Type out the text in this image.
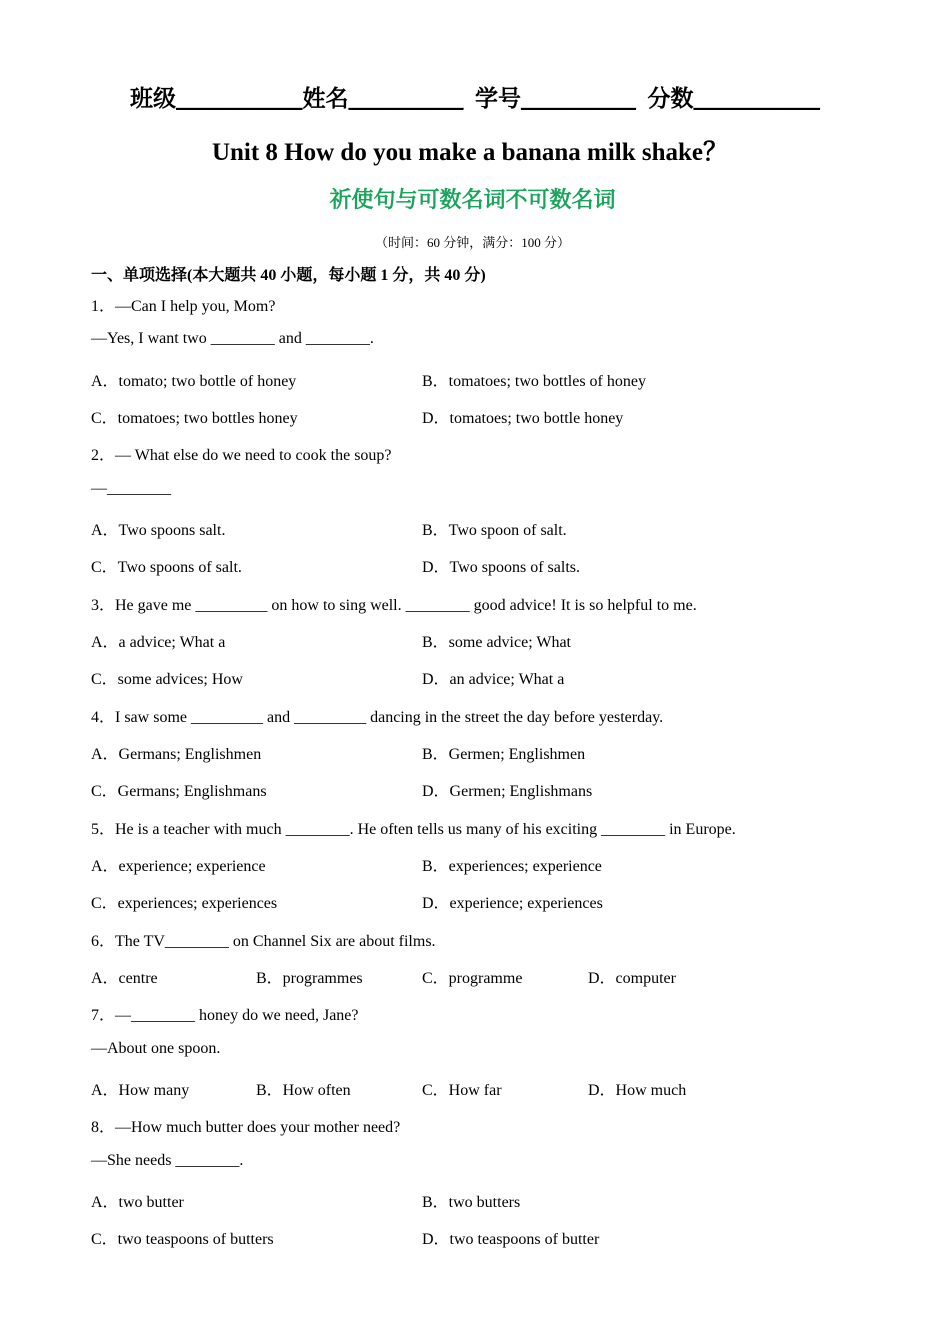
班级___________姓名__________ 学号__________ 分数___________
Unit 8 How do you make a banana milk shake？
祈使句与可数名词不可数名词
（时间：60 分钟，满分：100 分）
一、单项选择(本大题共 40 小题，每小题 1 分，共 40 分)
1．—Can I help you, Mom?
—Yes, I want two ________ and ________.
A．tomato; two bottle of honey	B．tomatoes; two bottles of honey
C．tomatoes; two bottles honey	D．tomatoes; two bottle honey
2．— What else do we need to cook the soup?
—________
A．Two spoons salt.	B．Two spoon of salt.
C．Two spoons of salt.	D．Two spoons of salts.
3．He gave me _________ on how to sing well. ________ good advice! It is so helpful to me.
A．a advice; What a	B．some advice; What
C．some advices; How	D．an advice; What a
4．I saw some _________ and _________ dancing in the street the day before yesterday.
A．Germans; Englishmen	B．Germen; Englishmen
C．Germans; Englishmans	D．Germen; Englishmans
5．He is a teacher with much ________. He often tells us many of his exciting ________ in Europe.
A．experience; experience	B．experiences; experience
C．experiences; experiences	D．experience; experiences
6．The TV________ on Channel Six are about films.
A．centre	B．programmes	C．programme	D．computer
7．—________ honey do we need, Jane?
—About one spoon.
A．How many	B．How often	C．How far	D．How much
8．—How much butter does your mother need?
—She needs ________.
A．two butter	B．two butters
C．two teaspoons of butters	D．two teaspoons of butter
